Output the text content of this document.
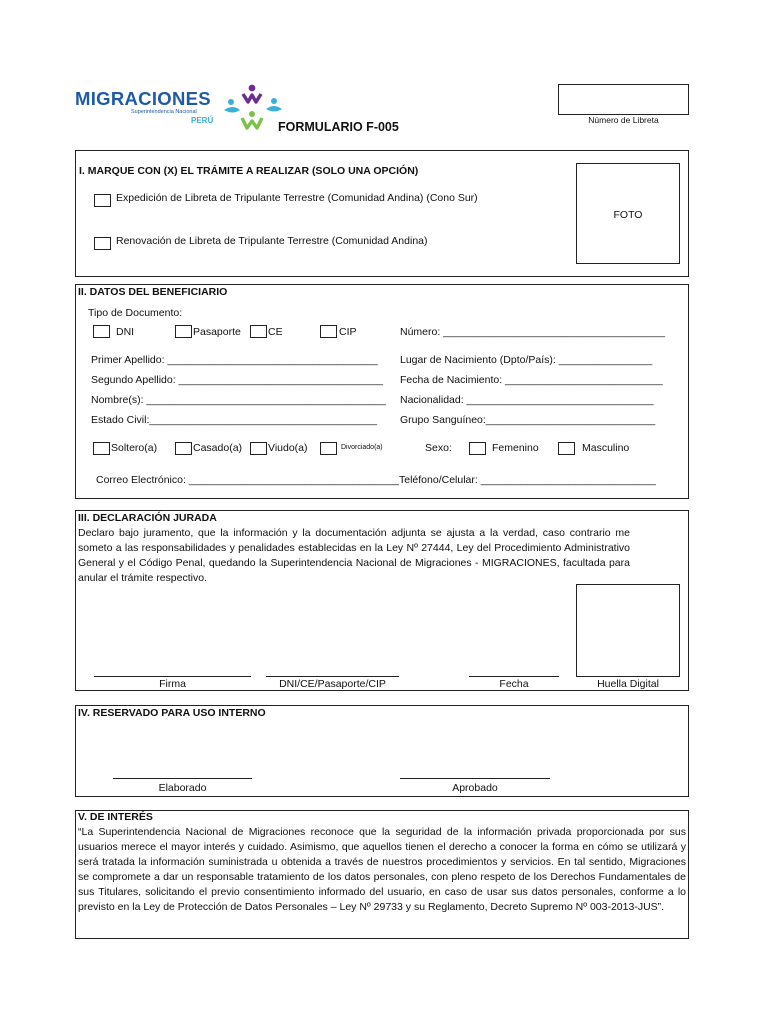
MIGRACIONES
Superintendencia Nacional
PERÚ	FORMULARIO F-005	Número de Libreta
I. MARQUE CON (X) EL TRÁMITE A REALIZAR (SOLO UNA OPCIÓN)
Expedición de Libreta de Tripulante Terrestre (Comunidad Andina) (Cono Sur)
Renovación de Libreta de Tripulante Terrestre (Comunidad Andina)
FOTO
II. DATOS DEL BENEFICIARIO
Tipo de Documento:
DNI	Pasaporte	CE	CIP	Número: ______________________________________
Primer Apellido: ____________________________________ Lugar de Nacimiento (Dpto/País): ________________
Segundo Apellido: ___________________________________ Fecha de Nacimiento: ___________________________
Nombre(s): _________________________________________ Nacionalidad: ________________________________
Estado Civil:_______________________________________ Grupo Sanguíneo:_____________________________
Soltero(a)	Casado(a) Viudo(a)	Divorciado(a)	Sexo:	Femenino	Masculino
Correo Electrónico: ____________________________________ Teléfono/Celular: ______________________________
III. DECLARACIÓN JURADA
Declaro bajo juramento, que la información y la documentación adjunta se ajusta a la verdad, caso contrario me someto a las responsabilidades y penalidades establecidas en la Ley Nº 27444, Ley del Procedimiento Administrativo General y el Código Penal, quedando la Superintendencia Nacional de Migraciones - MIGRACIONES, facultada para anular el trámite respectivo.
Firma	DNI/CE/Pasaporte/CIP	Fecha	Huella Digital
IV. RESERVADO PARA USO INTERNO
Elaborado	Aprobado
V. DE INTERÉS
“La Superintendencia Nacional de Migraciones reconoce que la seguridad de la información privada proporcionada por sus usuarios merece el mayor interés y cuidado. Asimismo, que aquellos tienen el derecho a conocer la forma en cómo se utilizará y será tratada la información suministrada u obtenida a través de nuestros procedimientos y servicios. En tal sentido, Migraciones se compromete a dar un responsable tratamiento de los datos personales, con pleno respeto de los Derechos Fundamentales de sus Titulares, solicitando el previo consentimiento informado del usuario, en caso de usar sus datos personales, conforme a lo previsto en la Ley de Protección de Datos Personales – Ley Nº 29733 y su Reglamento, Decreto Supremo Nº 003-2013-JUS”.
